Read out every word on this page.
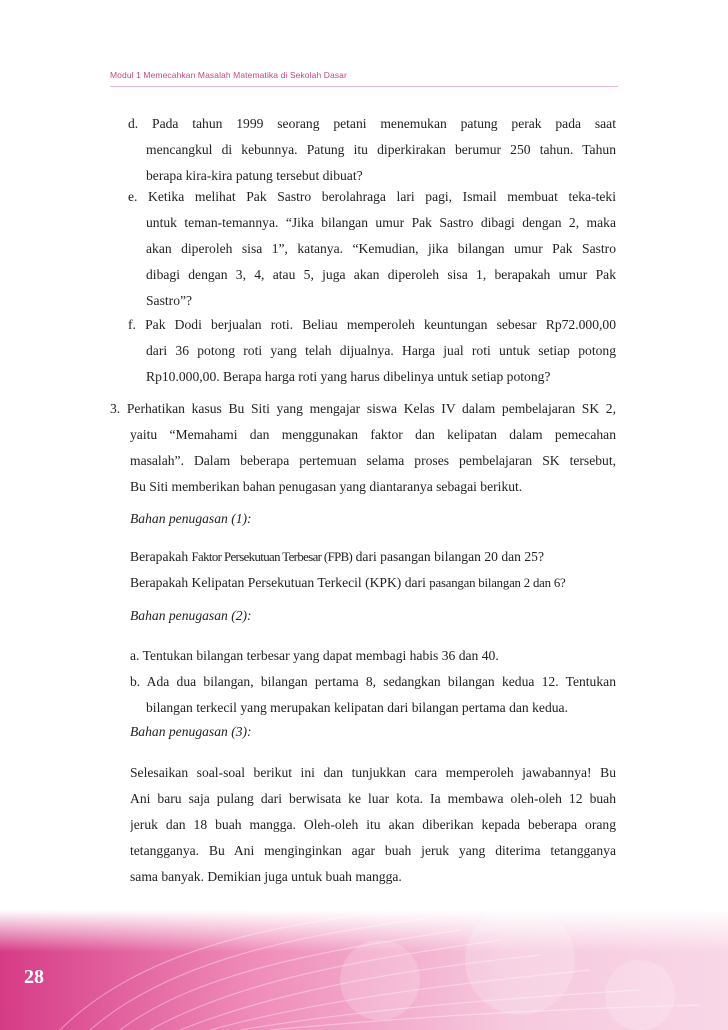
Modul 1 Memecahkan Masalah Matematika di Sekolah Dasar
d. Pada tahun 1999 seorang petani menemukan patung perak pada saat
mencangkul di kebunnya. Patung itu diperkirakan berumur 250 tahun. Tahun
berapa kira-kira patung tersebut dibuat?
e. Ketika melihat Pak Sastro berolahraga lari pagi, Ismail membuat teka-teki
untuk teman-temannya. “Jika bilangan umur Pak Sastro dibagi dengan 2, maka
akan diperoleh sisa 1”, katanya. “Kemudian, jika bilangan umur Pak Sastro
dibagi dengan 3, 4, atau 5, juga akan diperoleh sisa 1, berapakah umur Pak
Sastro”?
f. Pak Dodi berjualan roti. Beliau memperoleh keuntungan sebesar Rp72.000,00
dari 36 potong roti yang telah dijualnya. Harga jual roti untuk setiap potong
Rp10.000,00. Berapa harga roti yang harus dibelinya untuk setiap potong?
3. Perhatikan kasus Bu Siti yang mengajar siswa Kelas IV dalam pembelajaran SK 2,
yaitu “Memahami dan menggunakan faktor dan kelipatan dalam pemecahan
masalah”. Dalam beberapa pertemuan selama proses pembelajaran SK tersebut,
Bu Siti memberikan bahan penugasan yang diantaranya sebagai berikut.
Bahan penugasan (1):
Berapakah Faktor Persekutuan Terbesar (FPB) dari pasangan bilangan 20 dan 25?
Berapakah Kelipatan Persekutuan Terkecil (KPK) dari pasangan bilangan 2 dan 6?
Bahan penugasan (2):
a. Tentukan bilangan terbesar yang dapat membagi habis 36 dan 40.
b. Ada dua bilangan, bilangan pertama 8, sedangkan bilangan kedua 12. Tentukan
bilangan terkecil yang merupakan kelipatan dari bilangan pertama dan kedua.
Bahan penugasan (3):
Selesaikan soal-soal berikut ini dan tunjukkan cara memperoleh jawabannya! Bu
Ani baru saja pulang dari berwisata ke luar kota. Ia membawa oleh-oleh 12 buah
jeruk dan 18 buah mangga. Oleh-oleh itu akan diberikan kepada beberapa orang
tetangganya. Bu Ani menginginkan agar buah jeruk yang diterima tetangganya
sama banyak. Demikian juga untuk buah mangga.
28
